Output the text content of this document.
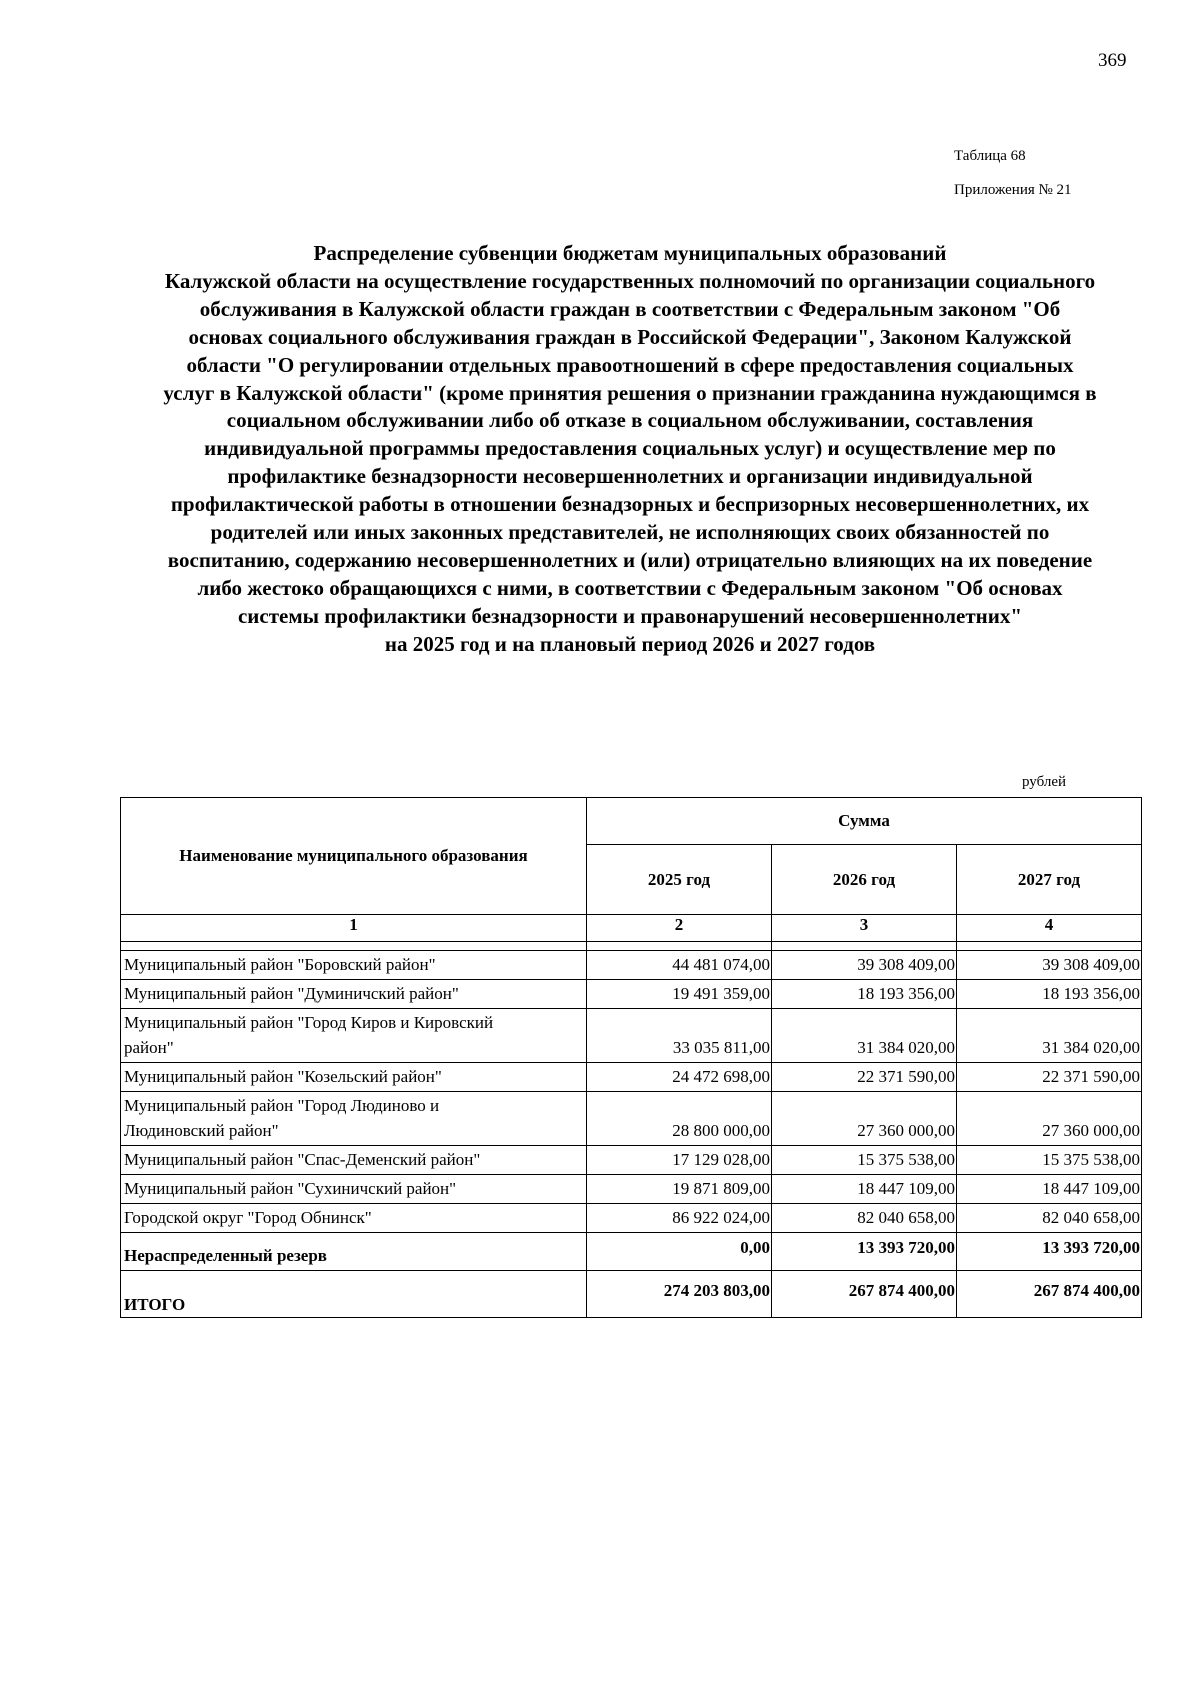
369
Таблица 68
Приложения № 21
Распределение субвенции бюджетам муниципальных образований
Калужской области на осуществление государственных полномочий по организации социального
обслуживания в Калужской области граждан в соответствии с Федеральным законом "Об
основах социального обслуживания граждан в Российской Федерации", Законом Калужской
области "О регулировании отдельных правоотношений в сфере предоставления социальных
услуг в Калужской области" (кроме принятия решения о признании гражданина нуждающимся в
социальном обслуживании либо об отказе в социальном обслуживании, составления
индивидуальной программы предоставления социальных услуг) и осуществление мер по
профилактике безнадзорности несовершеннолетних и организации индивидуальной
профилактической работы в отношении безнадзорных и беспризорных несовершеннолетних, их
родителей или иных законных представителей, не исполняющих своих обязанностей по
воспитанию, содержанию несовершеннолетних и (или) отрицательно влияющих на их поведение
либо жестоко обращающихся с ними, в соответствии с Федеральным законом "Об основах
системы профилактики безнадзорности и правонарушений несовершеннолетних"
на 2025 год и на плановый период 2026 и 2027 годов
рублей
Наименование муниципального образования	Сумма		
	2025 год	2026 год	2027 год
1	2	3	4

Муниципальный район "Боровский район"	44 481 074,00	39 308 409,00	39 308 409,00
Муниципальный район "Думиничский район"	19 491 359,00	18 193 356,00	18 193 356,00
Муниципальный район "Город Киров и Кировский
район"	33 035 811,00	31 384 020,00	31 384 020,00
Муниципальный район "Козельский район"	24 472 698,00	22 371 590,00	22 371 590,00
Муниципальный район "Город Людиново и
Людиновский район"	28 800 000,00	27 360 000,00	27 360 000,00
Муниципальный район "Спас-Деменский район"	17 129 028,00	15 375 538,00	15 375 538,00
Муниципальный район "Сухиничский район"	19 871 809,00	18 447 109,00	18 447 109,00
Городской округ "Город Обнинск"	86 922 024,00	82 040 658,00	82 040 658,00
Нераспределенный резерв	0,00	13 393 720,00	13 393 720,00
ИТОГО	274 203 803,00	267 874 400,00	267 874 400,00
